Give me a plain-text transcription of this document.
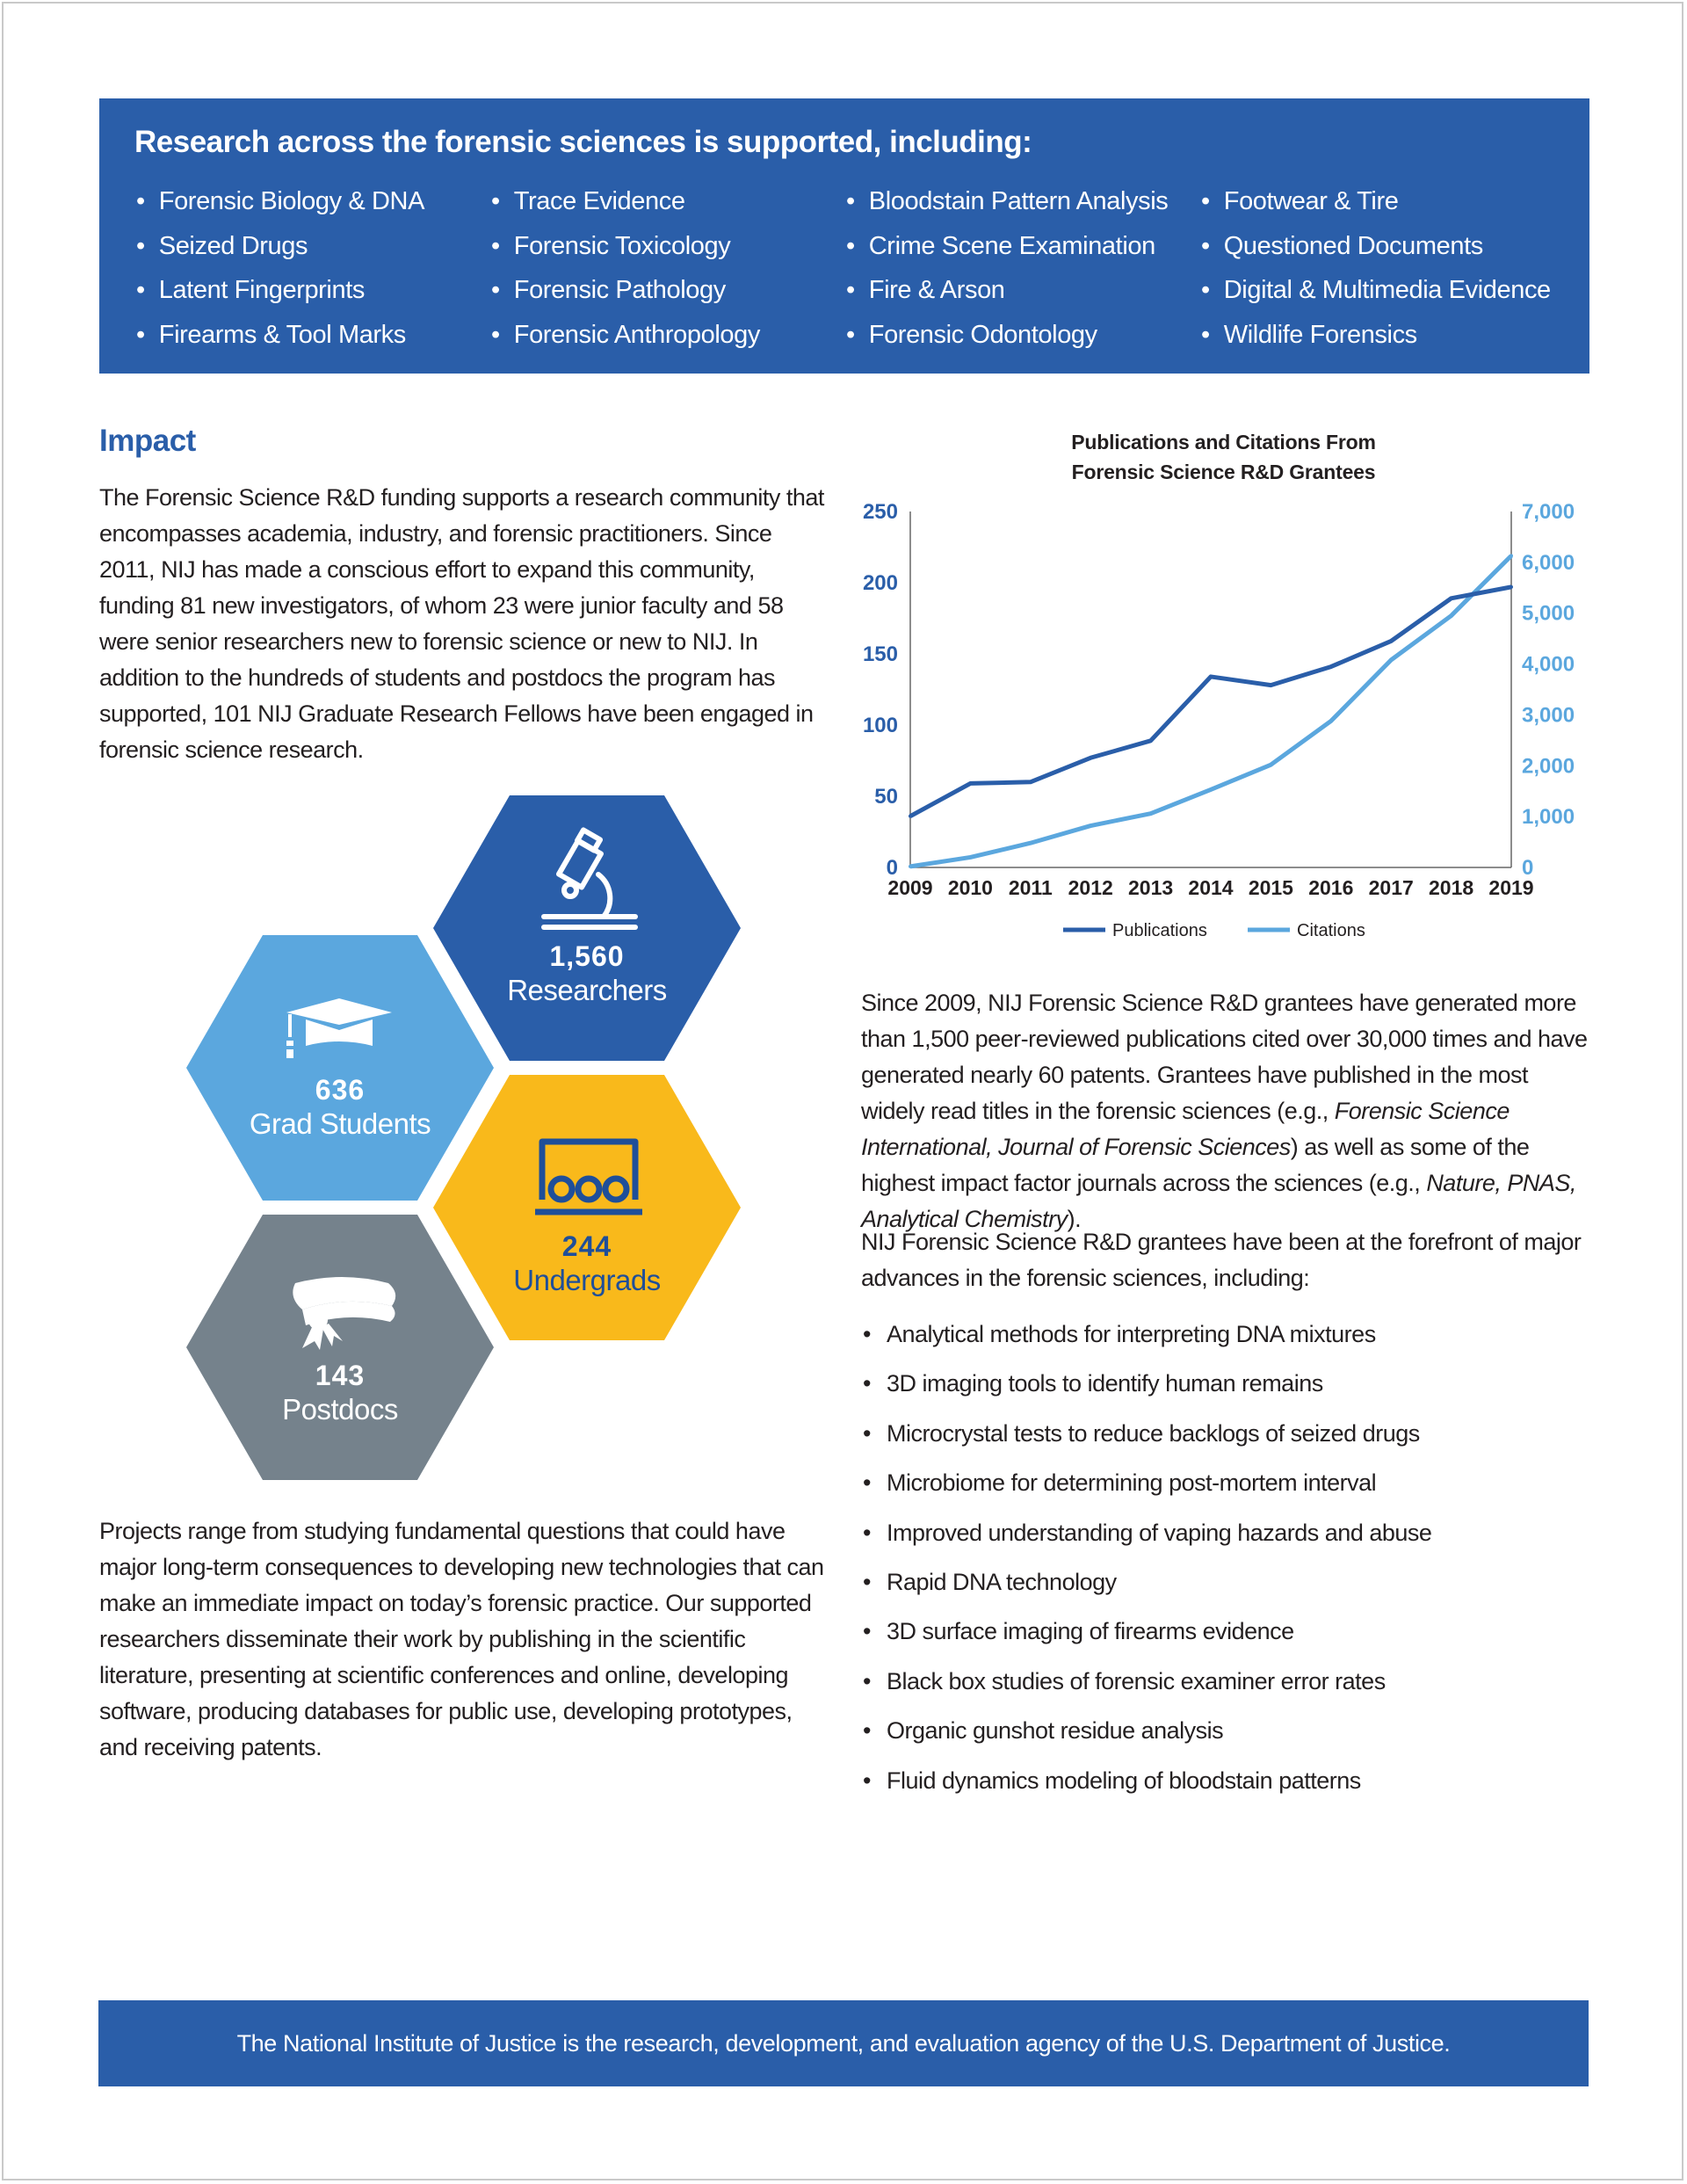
Research across the forensic sciences is supported, including:
• Forensic Biology & DNA
• Seized Drugs
• Latent Fingerprints
• Firearms & Tool Marks
• Trace Evidence
• Forensic Toxicology
• Forensic Pathology
• Forensic Anthropology
• Bloodstain Pattern Analysis
• Crime Scene Examination
• Fire & Arson
• Forensic Odontology
• Footwear & Tire
• Questioned Documents
• Digital & Multimedia Evidence
• Wildlife Forensics
Impact

The Forensic Science R&D funding supports a research community that encompasses academia, industry, and forensic practitioners. Since 2011, NIJ has made a conscious effort to expand this community, funding 81 new investigators, of whom 23 were junior faculty and 58 were senior researchers new to forensic science or new to NIJ. In addition to the hundreds of students and postdocs the program has supported, 101 NIJ Graduate Research Fellows have been engaged in forensic science research.

1,560
Researchers
636
Grad Students
244
Undergrads
143
Postdocs

Projects range from studying fundamental questions that could have major long-term consequences to developing new technologies that can make an immediate impact on today’s forensic practice. Our supported researchers disseminate their work by publishing in the scientific literature, presenting at scientific conferences and online, developing software, producing databases for public use, developing prototypes, and receiving patents.

Publications and Citations From
Forensic Science R&D Grantees
0
50
100
150
200
250
0
1,000
2,000
3,000
4,000
5,000
6,000
7,000
2009 2010 2011 2012 2013 2014 2015 2016 2017 2018 2019
Publications	Citations

Since 2009, NIJ Forensic Science R&D grantees have generated more than 1,500 peer-reviewed publications cited over 30,000 times and have generated nearly 60 patents. Grantees have published in the most widely read titles in the forensic sciences (e.g., Forensic Science International, Journal of Forensic Sciences) as well as some of the highest impact factor journals across the sciences (e.g., Nature, PNAS, Analytical Chemistry).

NIJ Forensic Science R&D grantees have been at the forefront of major advances in the forensic sciences, including:

• Analytical methods for interpreting DNA mixtures
• 3D imaging tools to identify human remains
• Microcrystal tests to reduce backlogs of seized drugs
• Microbiome for determining post-mortem interval
• Improved understanding of vaping hazards and abuse
• Rapid DNA technology
• 3D surface imaging of firearms evidence
• Black box studies of forensic examiner error rates
• Organic gunshot residue analysis
• Fluid dynamics modeling of bloodstain patterns
The National Institute of Justice is the research, development, and evaluation agency of the U.S. Department of Justice.
